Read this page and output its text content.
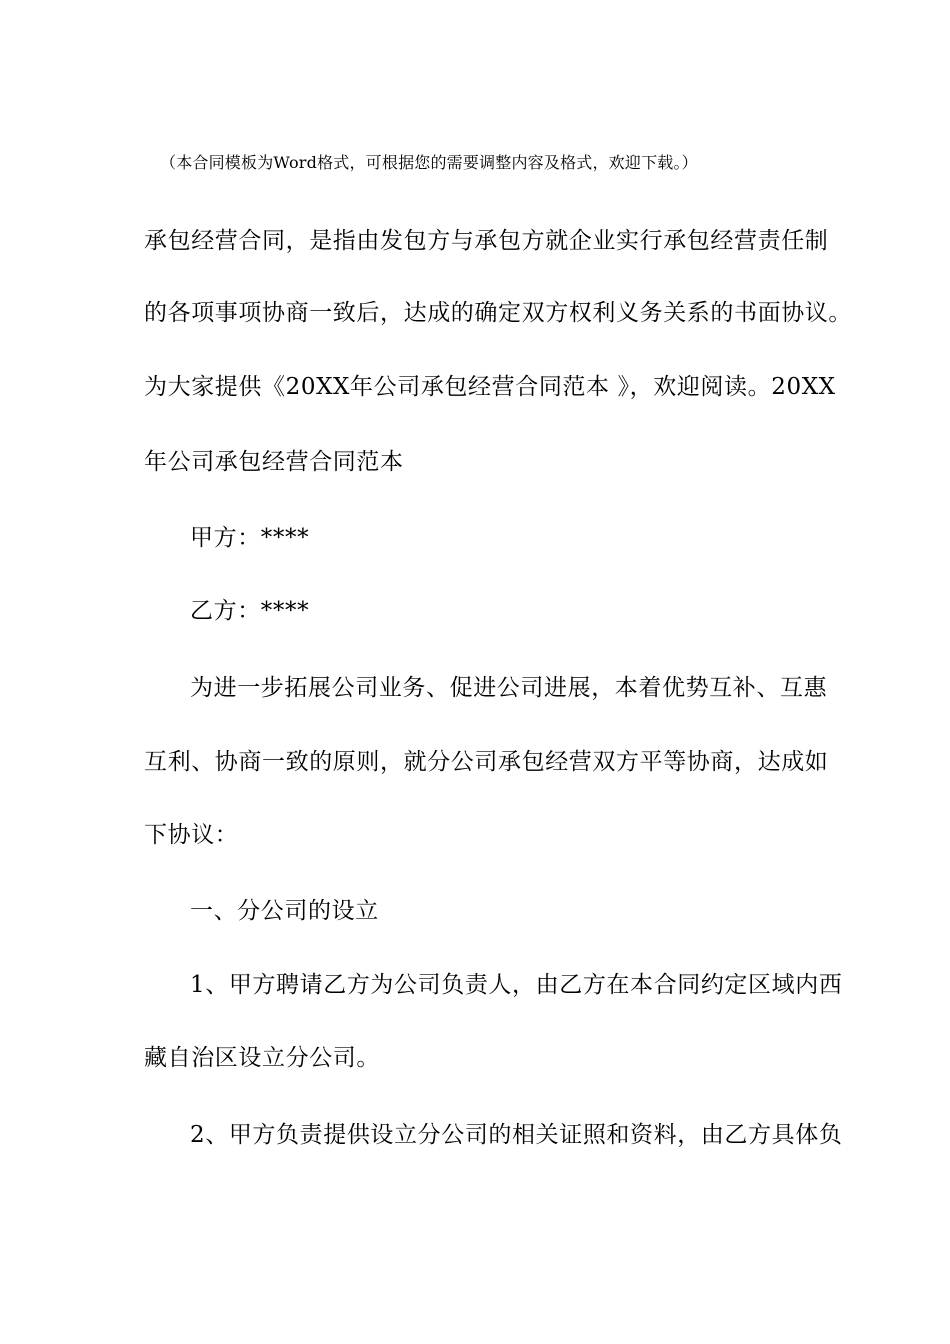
（本合同模板为Word格式，可根据您的需要调整内容及格式，欢迎下载。）
承包经营合同，是指由发包方与承包方就企业实行承包经营责任制
的各项事项协商一致后，达成的确定双方权利义务关系的书面协议。
为大家提供《20XX年公司承包经营合同范本 》，欢迎阅读。20XX
年公司承包经营合同范本
甲方：****
乙方：****
为进一步拓展公司业务、促进公司进展，本着优势互补、互惠
互利、协商一致的原则，就分公司承包经营双方平等协商，达成如
下协议：
一、分公司的设立
1、甲方聘请乙方为公司负责人，由乙方在本合同约定区域内西
藏自治区设立分公司。
2、甲方负责提供设立分公司的相关证照和资料，由乙方具体负
